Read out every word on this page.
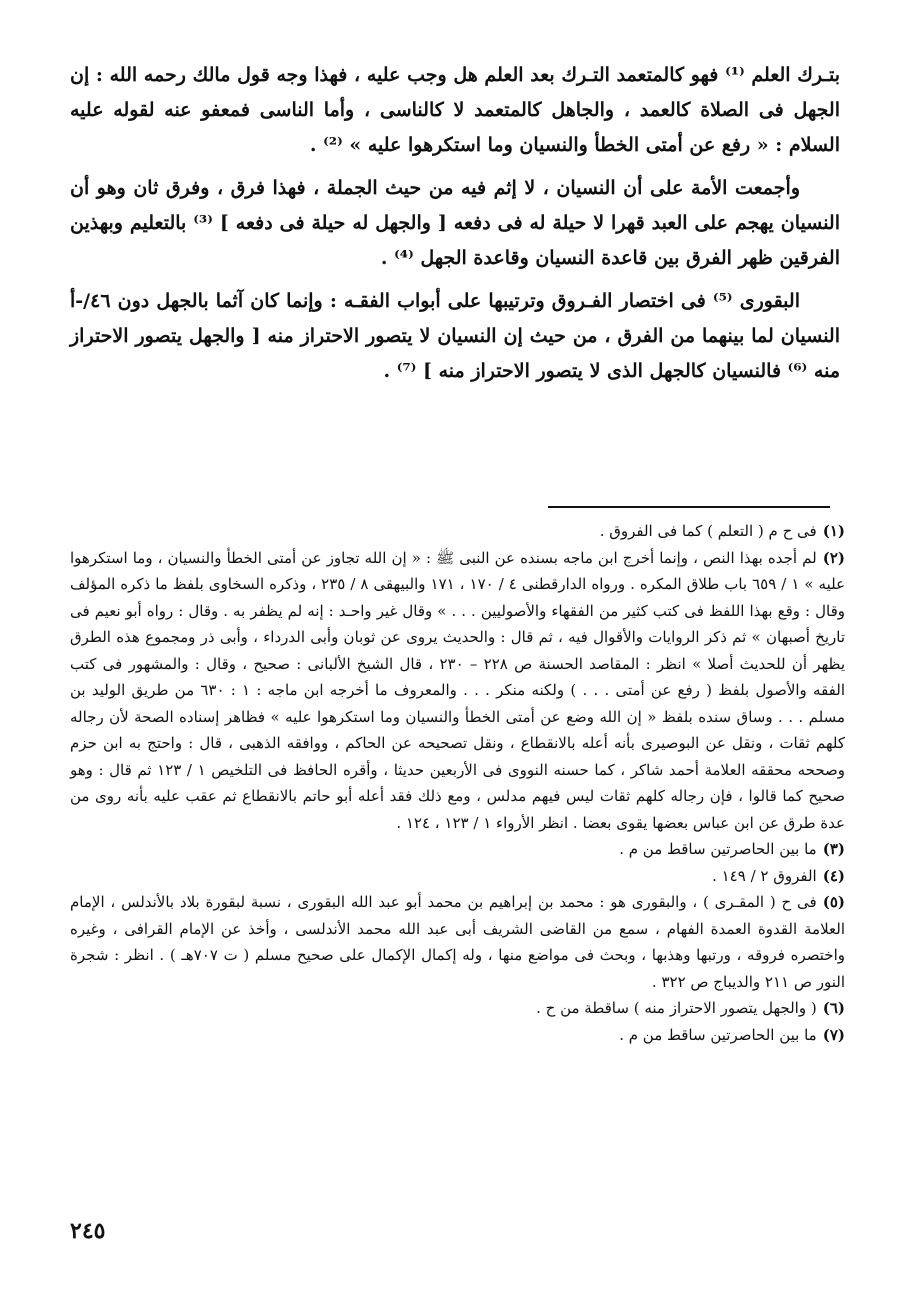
بتـرك العلم ⁽¹⁾ فهو كالمتعمد التـرك بعد العلم هل وجب عليه ، فهذا وجه قول مالك رحمه الله : إن الجهل فى الصلاة كالعمد ، والجاهل كالمتعمد لا كالناسى ، وأما الناسى فمعفو عنه لقوله عليه السلام : « رفع عن أمتى الخطأ والنسيان وما استكرهوا عليه » ⁽²⁾ .

وأجمعت الأمة على أن النسيان ، لا إثم فيه من حيث الجملة ، فهذا فرق ، وفرق ثان وهو أن النسيان يهجم على العبد قهرا لا حيلة له فى دفعه [ والجهل له حيلة فى دفعه ] ⁽³⁾ بالتعليم وبهذين الفرقين ظهر الفرق بين قاعدة النسيان وقاعدة الجهل ⁽⁴⁾ .

البقورى ⁽⁵⁾ فى اختصار الفـروق وترتيبها على أبواب الفقـه : وإنما كان آثما بالجهل دون ٤٦/-أ النسيان لما بينهما من الفرق ، من حيث إن النسيان لا يتصور الاحتراز منه [ والجهل يتصور الاحتراز منه ⁽⁶⁾ فالنسيان كالجهل الذى لا يتصور الاحتراز منه ] ⁽⁷⁾ .

(١)فى ح م ( التعلم ) كما فى الفروق .

(٢)لم أجده بهذا النص ، وإنما أخرج ابن ماجه بسنده عن النبى ﷺ : « إن الله تجاوز عن أمتى الخطأ والنسيان ، وما استكرهوا عليه » ١ / ٦٥٩ باب طلاق المكره . ورواه الدارقطنى ٤ / ١٧٠ ، ١٧١ والبيهقى ٨ / ٢٣٥ ، وذكره السخاوى بلفظ ما ذكره المؤلف وقال : وقع بهذا اللفظ فى كتب كثير من الفقهاء والأصوليين . . . » وقال غير واحـد : إنه لم يظفر به . وقال : رواه أبو نعيم فى تاريخ أصبهان » ثم ذكر الروايات والأقوال فيه ، ثم قال : والحديث يروى عن ثوبان وأبى الدرداء ، وأبى ذر ومجموع هذه الطرق يظهر أن للحديث أصلا » انظر : المقاصد الحسنة ص ٢٢٨ – ٢٣٠ ، قال الشيخ الألبانى : صحيح ، وقال : والمشهور فى كتب الفقه والأصول بلفظ ( رفع عن أمتى . . . ) ولكنه منكر . . . والمعروف ما أخرجه ابن ماجه : ١ : ٦٣٠ من طريق الوليد بن مسلم . . . وساق سنده بلفظ « إن الله وضع عن أمتى الخطأ والنسيان وما استكرهوا عليه » فظاهر إسناده الصحة لأن رجاله كلهم ثقات ، ونقل عن البوصيرى بأنه أعله بالانقطاع ، ونقل تصحيحه عن الحاكم ، ووافقه الذهبى ، قال : واحتج به ابن حزم وصححه محققه العلامة أحمد شاكر ، كما حسنه النووى فى الأربعين حديثا ، وأقره الحافظ فى التلخيص ١ / ١٢٣ ثم قال : وهو صحيح كما قالوا ، فإن رجاله كلهم ثقات ليس فيهم مدلس ، ومع ذلك فقد أعله أبو حاتم بالانقطاع ثم عقب عليه بأنه روى من عدة طرق عن ابن عباس بعضها يقوى بعضا . انظر الأرواء ١ / ١٢٣ ، ١٢٤ .

(٣)ما بين الحاصرتين ساقط من م .

(٤)الفروق ٢ / ١٤٩ .

(٥)فى ح ( المقـرى ) ، والبقورى هو : محمد بن إبراهيم بن محمد أبو عبد الله البقورى ، نسبة لبقورة بلاد بالأندلس ، الإمام العلامة القدوة العمدة الفهام ، سمع من القاضى الشريف أبى عبد الله محمد الأندلسى ، وأخذ عن الإمام القرافى ، وغيره واختصره فروقه ، ورتبها وهذبها ، وبحث فى مواضع منها ، وله إكمال الإكمال على صحيح مسلم ( ت ٧٠٧هـ ) . انظر : شجرة النور ص ٢١١ والديباج ص ٣٢٢ .

(٦)( والجهل يتصور الاحتراز منه ) ساقطة من ح .

(٧)ما بين الحاصرتين ساقط من م .

٢٤٥
